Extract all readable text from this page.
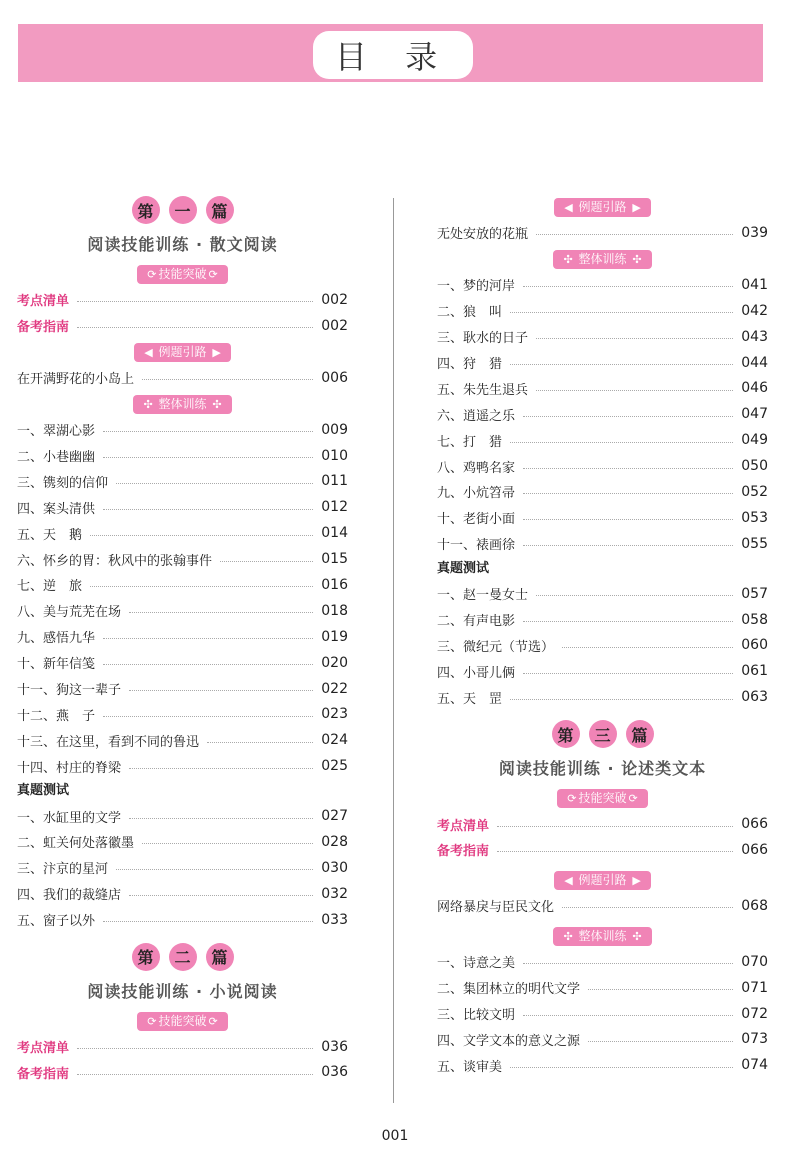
目 录
第	一	篇
阅读技能训练 · 散文阅读
⟳ 技能突破 ⟳
考点清单	002
备考指南	002
◀ 例题引路 ▶
在开满野花的小岛上	006
✣ 整体训练 ✣
一、翠湖心影	009
二、小巷幽幽	010
三、镌刻的信仰	011
四、案头清供	012
五、天　鹅	014
六、怀乡的胃：秋风中的张翰事件	015
七、逆　旅	016
八、美与荒芜在场	018
九、感悟九华	019
十、新年信笺	020
十一、狗这一辈子	022
十二、燕　子	023
十三、在这里，看到不同的鲁迅	024
十四、村庄的脊梁	025
真题测试
一、水缸里的文学	027
二、虹关何处落徽墨	028
三、汴京的星河	030
四、我们的裁缝店	032
五、窗子以外	033
第	二	篇
阅读技能训练 · 小说阅读
⟳ 技能突破 ⟳
考点清单	036
备考指南	036
◀ 例题引路 ▶
无处安放的花瓶	039
✣ 整体训练 ✣
一、梦的河岸	041
二、狼　叫	042
三、耿水的日子	043
四、狩　猎	044
五、朱先生退兵	046
六、逍遥之乐	047
七、打　猎	049
八、鸡鸭名家	050
九、小炕笤帚	052
十、老街小面	053
十一、裱画徐	055
真题测试
一、赵一曼女士	057
二、有声电影	058
三、微纪元（节选）	060
四、小哥儿俩	061
五、天　罡	063
第	三	篇
阅读技能训练 · 论述类文本
⟳ 技能突破 ⟳
考点清单	066
备考指南	066
◀ 例题引路 ▶
网络暴戾与臣民文化	068
✣ 整体训练 ✣
一、诗意之美	070
二、集团林立的明代文学	071
三、比较文明	072
四、文学文本的意义之源	073
五、谈审美	074
001
